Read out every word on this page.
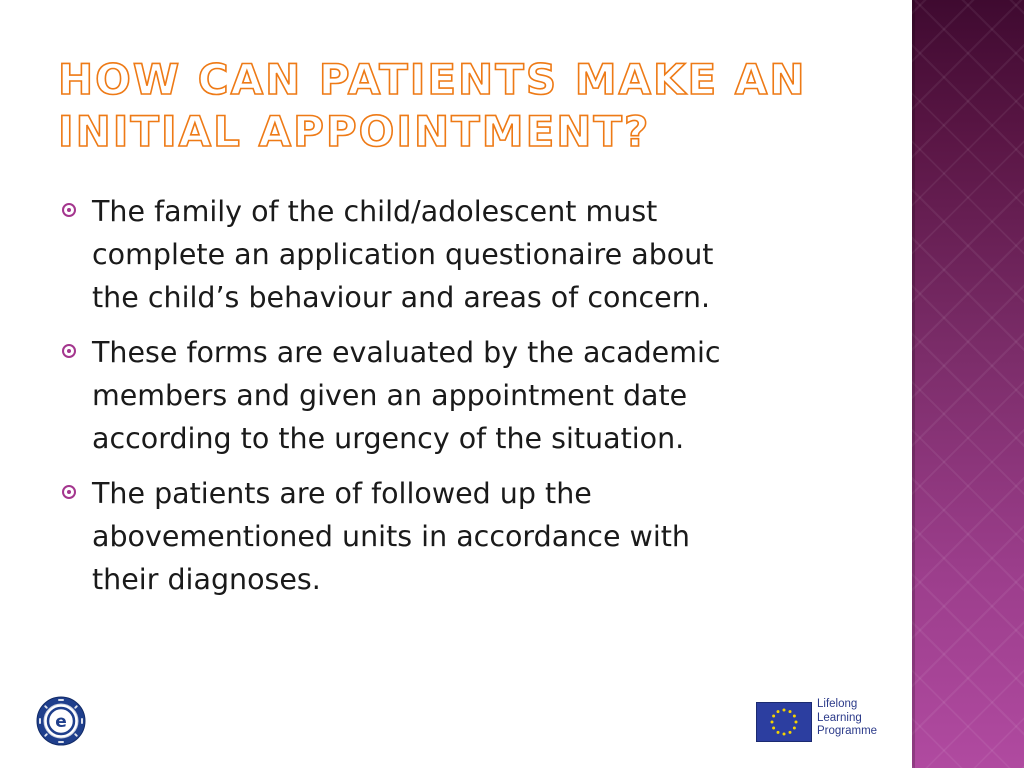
HOW CAN PATIENTS MAKE AN
INITIAL APPOINTMENT?
The family of the child/adolescent must
complete an application questionaire about
the child’s behaviour and areas of concern.
These forms are evaluated by the academic
members and given an appointment date
according to the urgency of the situation.
The patients are of followed up the
abovementioned units in accordance with
their diagnoses.
e
Lifelong
Learning
Programme
